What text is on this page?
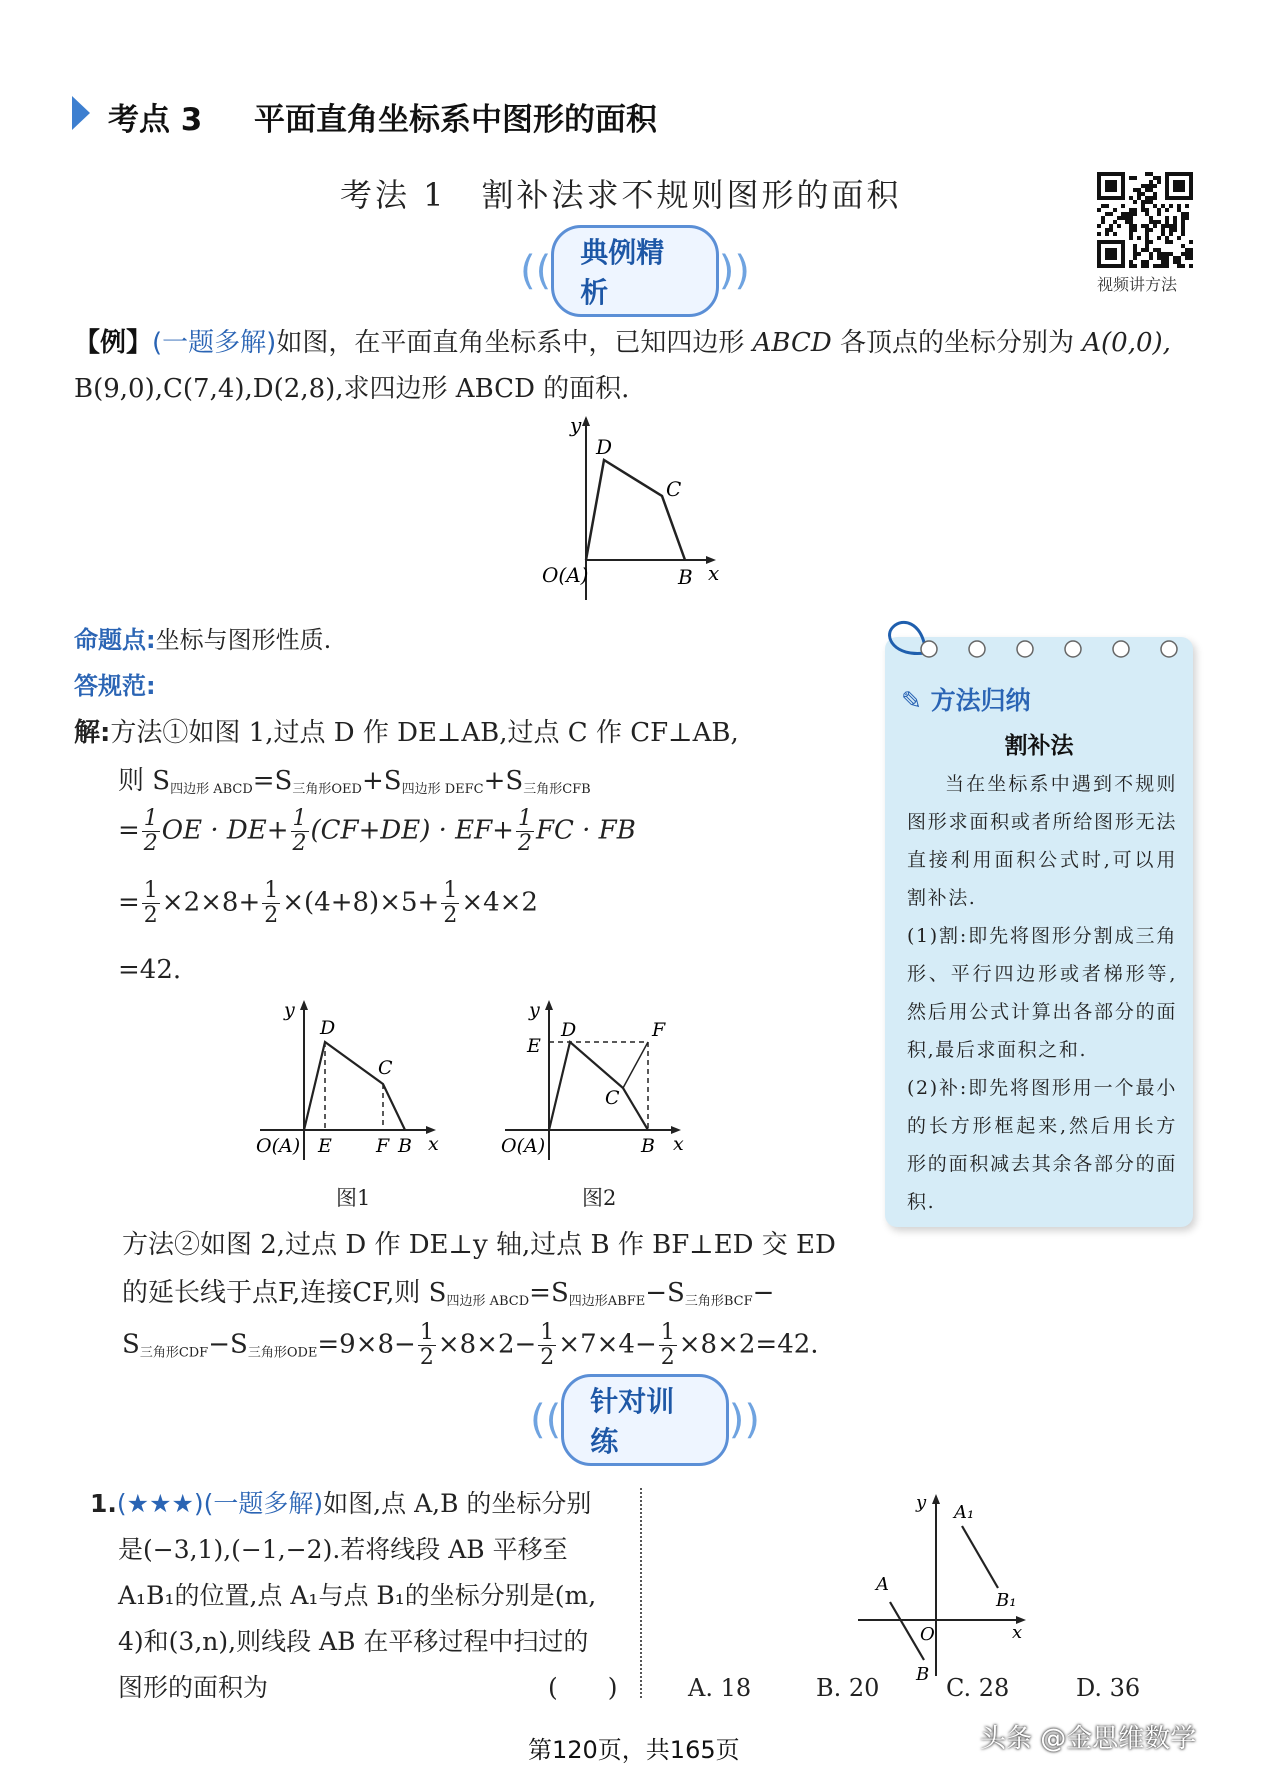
考点 3 平面直角坐标系中图形的面积
考法 1　割补法求不规则图形的面积
视频讲方法
((	典例精析	))
【例】(一题多解)如图，在平面直角坐标系中，已知四边形 ABCD 各顶点的坐标分别为 A(0,0),
B(9,0),C(7,4),D(2,8),求四边形 ABCD 的面积.
y
D
C
O(A)	B x
命题点:坐标与图形性质.
答规范:
解:方法①如图 1,过点 D 作 DE⊥AB,过点 C 作 CF⊥AB,
则 $S_{四边形 ABCD}=S_{三角形OED}+S_{四边形 DEFC}+S_{三角形CFB}$
= $\frac{1}{2}$ OE · $DE+ \frac{1}{2} (CF+DE) \cdot EF+ \frac{1}{2}$ FC · FB
= $\frac{1}{2} \times 2\times 8+ \frac{1}{2} \times(4+8)\times 5+ \frac{1}{2} \times 4\times 2$
=42.
y
D
C
O(A) E F B x
图1
y
E
D	F
C
O(A)	B x
图2
方法②如图 2,过点 D 作 DE⊥y 轴,过点 B 作 BF⊥ED 交 ED
的延长线于点F,连接CF,则 $S_{四边形 ABCD}=S_{四边形ABFE}-S_{三角形BCF}-$
$S_{三角形CDF}-S_{三角形ODE}=9\times 8- \frac{1}{2} \times 8\times 2- \frac{1}{2} \times 7\times 4- \frac{1}{2} \times 8\times 2=42$.
✎ 方法归纳
割补法
当在坐标系中遇到不规则图形求面积或者所给图形无法直接利用面积公式时,可以用割补法.
(1)割:即先将图形分割成三角形、平行四边形或者梯形等,然后用公式计算出各部分的面积,最后求面积之和.
(2)补:即先将图形用一个最小的长方形框起来,然后用长方形的面积减去其余各部分的面积.
((	针对训练	))
1.(★★★)(一题多解)如图,点 A,B 的坐标分别
是(−3,1),(−1,−2).若将线段 AB 平移至
A₁B₁的位置,点 A₁与点 B₁的坐标分别是(m,
4)和(3,n),则线段 AB 在平移过程中扫过的
图形的面积为	(　　)
y A₁
B₁
A
O
B
x
A. 18	B. 20	C. 28	D. 36
第120页，共165页	头条 @金思维数学
